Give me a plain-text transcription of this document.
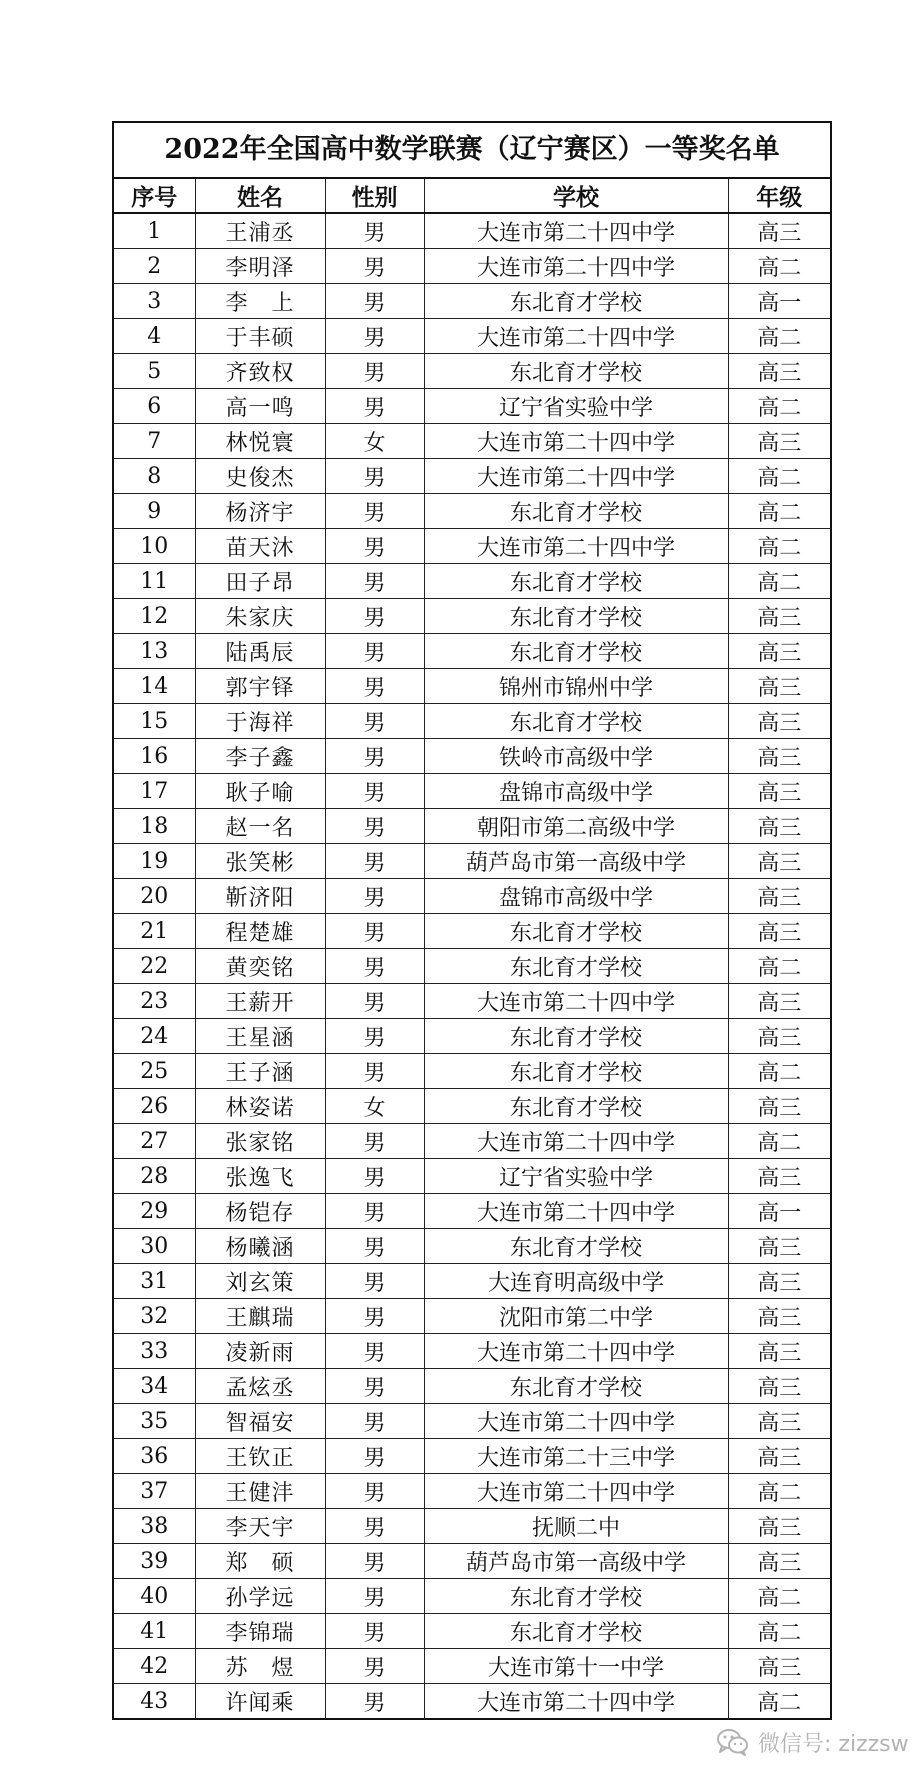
2022年全国高中数学联赛（辽宁赛区）一等奖名单
序号	姓名	性别	学校	年级
1	王浦丞	男	大连市第二十四中学	高三
2	李明泽	男	大连市第二十四中学	高二
3	李　上	男	东北育才学校	高一
4	于丰硕	男	大连市第二十四中学	高二
5	齐致权	男	东北育才学校	高三
6	高一鸣	男	辽宁省实验中学	高二
7	林悦寰	女	大连市第二十四中学	高三
8	史俊杰	男	大连市第二十四中学	高二
9	杨济宇	男	东北育才学校	高二
10	苗天沐	男	大连市第二十四中学	高二
11	田子昂	男	东北育才学校	高二
12	朱家庆	男	东北育才学校	高三
13	陆禹辰	男	东北育才学校	高三
14	郭宇铎	男	锦州市锦州中学	高三
15	于海祥	男	东北育才学校	高三
16	李子鑫	男	铁岭市高级中学	高三
17	耿子喻	男	盘锦市高级中学	高三
18	赵一名	男	朝阳市第二高级中学	高三
19	张笑彬	男	葫芦岛市第一高级中学	高三
20	靳济阳	男	盘锦市高级中学	高三
21	程楚雄	男	东北育才学校	高三
22	黄奕铭	男	东北育才学校	高二
23	王薪开	男	大连市第二十四中学	高三
24	王星涵	男	东北育才学校	高三
25	王子涵	男	东北育才学校	高二
26	林姿诺	女	东北育才学校	高三
27	张家铭	男	大连市第二十四中学	高二
28	张逸飞	男	辽宁省实验中学	高三
29	杨铠存	男	大连市第二十四中学	高一
30	杨曦涵	男	东北育才学校	高三
31	刘玄策	男	大连育明高级中学	高三
32	王麒瑞	男	沈阳市第二中学	高三
33	凌新雨	男	大连市第二十四中学	高三
34	孟炫丞	男	东北育才学校	高三
35	智福安	男	大连市第二十四中学	高三
36	王钦正	男	大连市第二十三中学	高三
37	王健沣	男	大连市第二十四中学	高二
38	李天宇	男	抚顺二中	高三
39	郑　硕	男	葫芦岛市第一高级中学	高三
40	孙学远	男	东北育才学校	高二
41	李锦瑞	男	东北育才学校	高二
42	苏　煜	男	大连市第十一中学	高三
43	许闻乘	男	大连市第二十四中学	高二
微信号: zizzsw
